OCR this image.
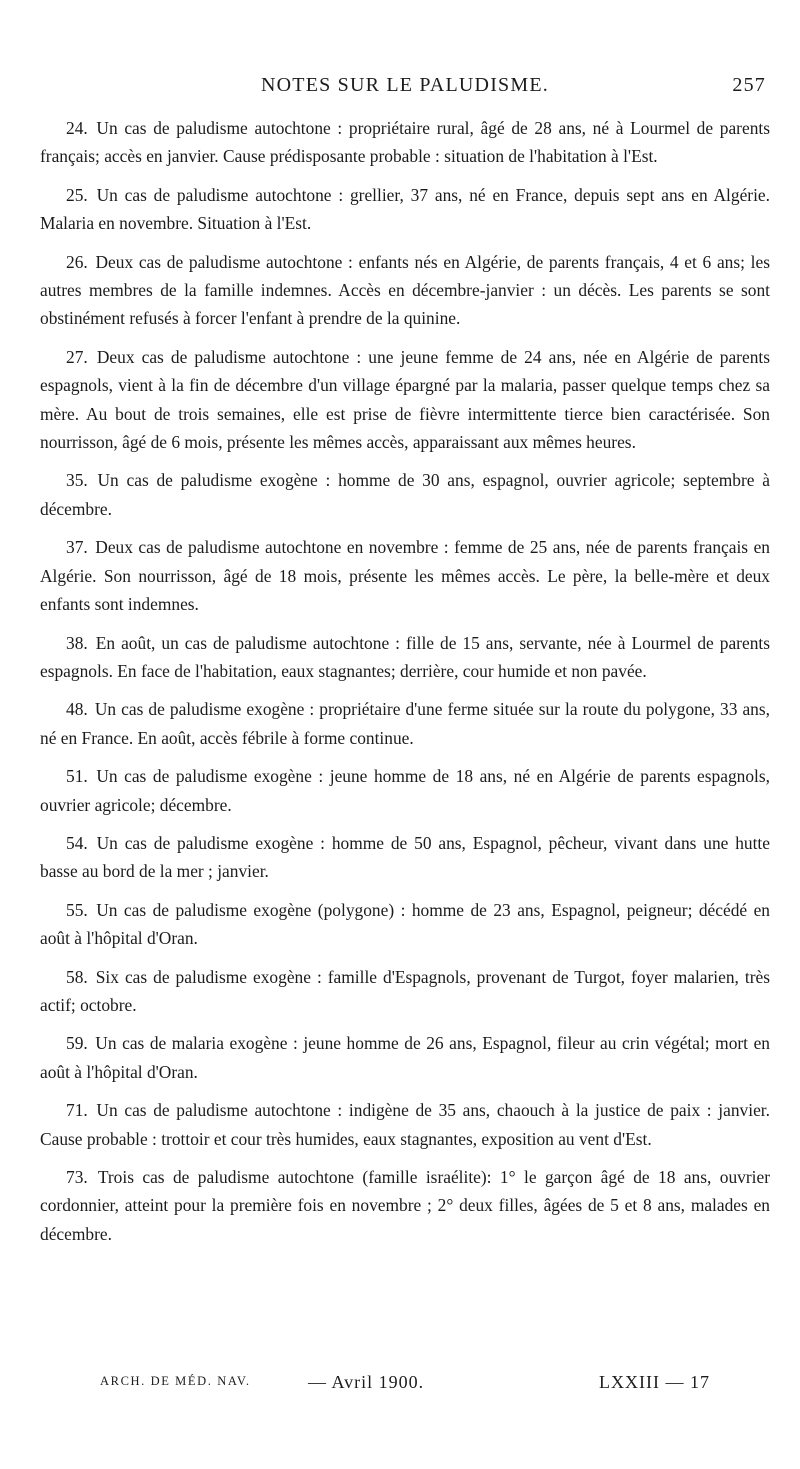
NOTES SUR LE PALUDISME.	257

24. Un cas de paludisme autochtone : propriétaire rural, âgé de 28 ans, né à Lourmel de parents français; accès en janvier. Cause prédisposante probable : situation de l'habitation à l'Est.

25. Un cas de paludisme autochtone : grellier, 37 ans, né en France, depuis sept ans en Algérie. Malaria en novembre. Situation à l'Est.

26. Deux cas de paludisme autochtone : enfants nés en Algérie, de parents français, 4 et 6 ans; les autres membres de la famille indemnes. Accès en décembre-janvier : un décès. Les parents se sont obstinément refusés à forcer l'enfant à prendre de la quinine.

27. Deux cas de paludisme autochtone : une jeune femme de 24 ans, née en Algérie de parents espagnols, vient à la fin de décembre d'un village épargné par la malaria, passer quelque temps chez sa mère. Au bout de trois semaines, elle est prise de fièvre intermittente tierce bien caractérisée. Son nourrisson, âgé de 6 mois, présente les mêmes accès, apparaissant aux mêmes heures.

35. Un cas de paludisme exogène : homme de 30 ans, espagnol, ouvrier agricole; septembre à décembre.

37. Deux cas de paludisme autochtone en novembre : femme de 25 ans, née de parents français en Algérie. Son nourrisson, âgé de 18 mois, présente les mêmes accès. Le père, la belle-mère et deux enfants sont indemnes.

38. En août, un cas de paludisme autochtone : fille de 15 ans, servante, née à Lourmel de parents espagnols. En face de l'habitation, eaux stagnantes; derrière, cour humide et non pavée.

48. Un cas de paludisme exogène : propriétaire d'une ferme située sur la route du polygone, 33 ans, né en France. En août, accès fébrile à forme continue.

51. Un cas de paludisme exogène : jeune homme de 18 ans, né en Algérie de parents espagnols, ouvrier agricole; décembre.

54. Un cas de paludisme exogène : homme de 50 ans, Espagnol, pêcheur, vivant dans une hutte basse au bord de la mer ; janvier.

55. Un cas de paludisme exogène (polygone) : homme de 23 ans, Espagnol, peigneur; décédé en août à l'hôpital d'Oran.

58. Six cas de paludisme exogène : famille d'Espagnols, provenant de Turgot, foyer malarien, très actif; octobre.

59. Un cas de malaria exogène : jeune homme de 26 ans, Espagnol, fileur au crin végétal; mort en août à l'hôpital d'Oran.

71. Un cas de paludisme autochtone : indigène de 35 ans, chaouch à la justice de paix : janvier. Cause probable : trottoir et cour très humides, eaux stagnantes, exposition au vent d'Est.

73. Trois cas de paludisme autochtone (famille israélite): 1° le garçon âgé de 18 ans, ouvrier cordonnier, atteint pour la première fois en novembre ; 2° deux filles, âgées de 5 et 8 ans, malades en décembre.

ARCH. DE MÉD. NAV.	— Avril 1900.	LXXIII — 17
